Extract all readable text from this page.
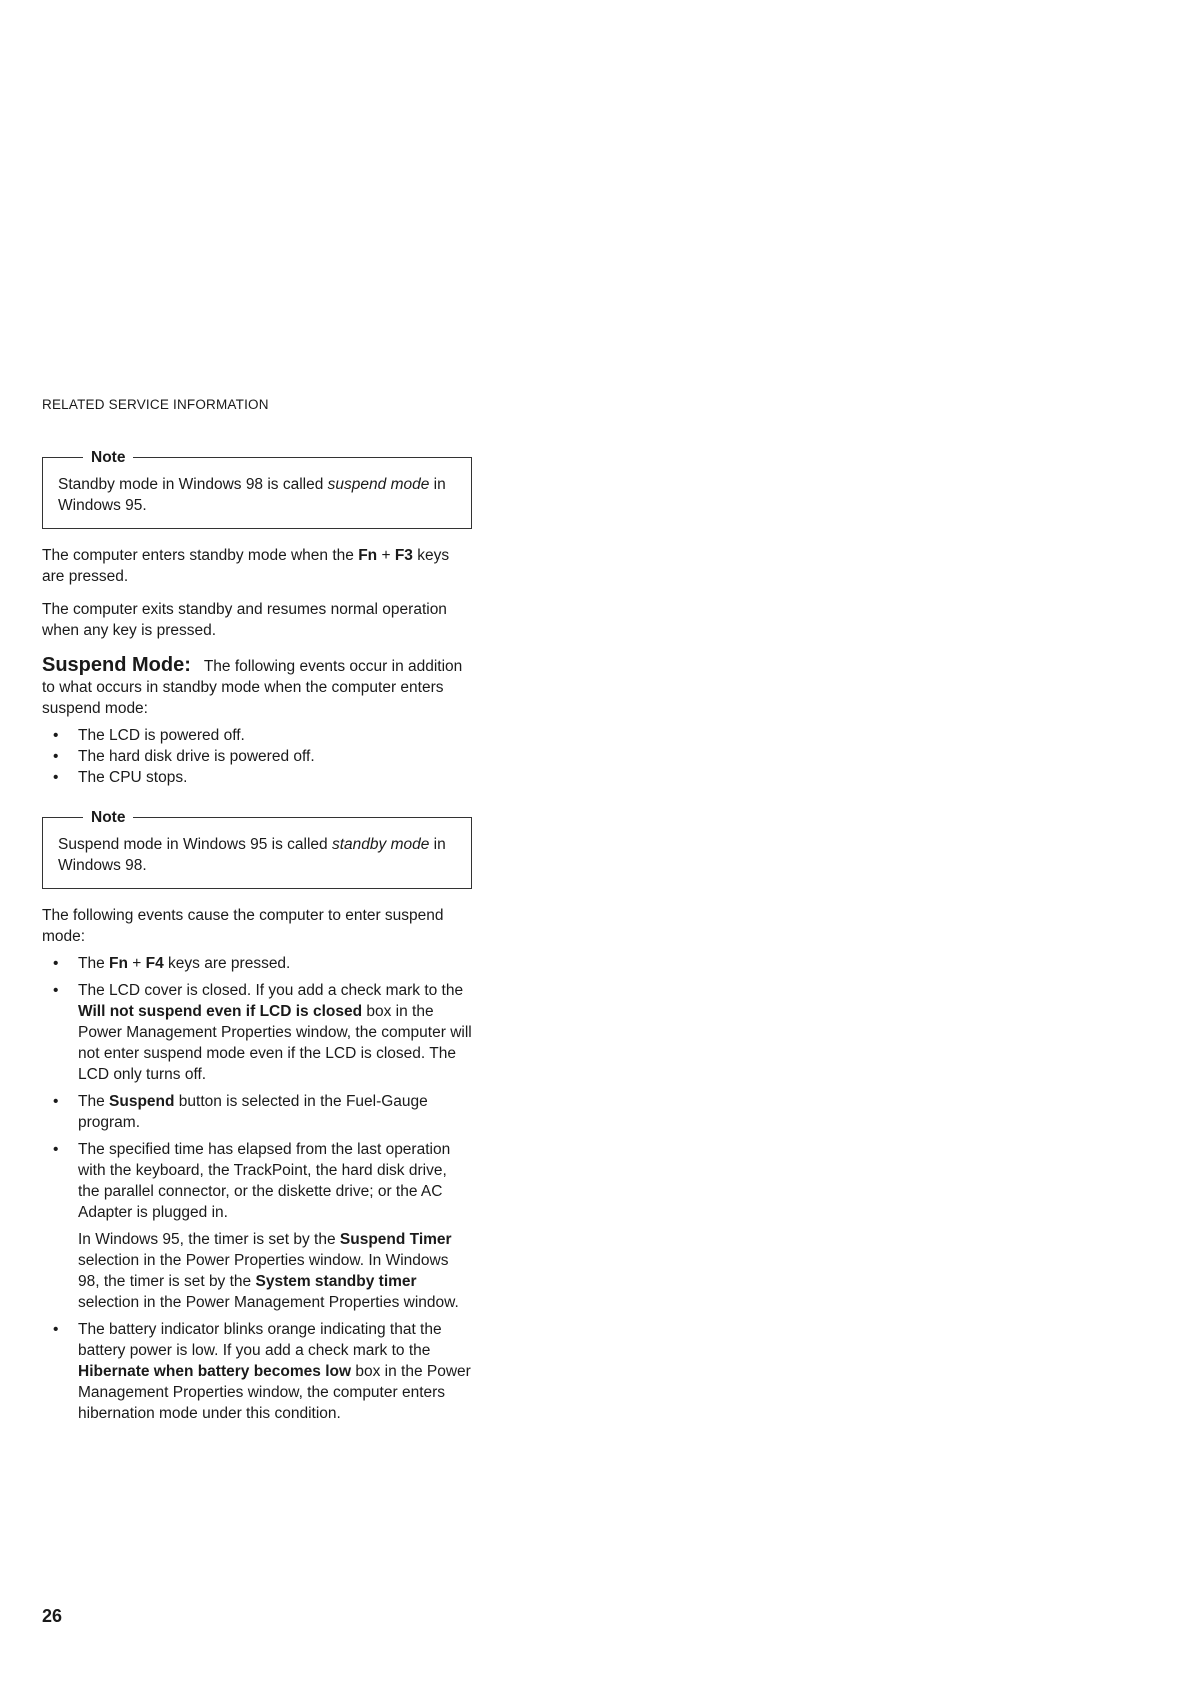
RELATED SERVICE INFORMATION
Note
Standby mode in Windows 98 is called suspend mode in Windows 95.

The computer enters standby mode when the Fn + F3 keys are pressed.

The computer exits standby and resumes normal operation when any key is pressed.

Suspend Mode: The following events occur in addition to what occurs in standby mode when the computer enters suspend mode:

• The LCD is powered off.
• The hard disk drive is powered off.
• The CPU stops.
Note
Suspend mode in Windows 95 is called standby mode in Windows 98.

The following events cause the computer to enter suspend mode:

• The Fn + F4 keys are pressed.
• The LCD cover is closed. If you add a check mark to the Will not suspend even if LCD is closed box in the Power Management Properties window, the computer will not enter suspend mode even if the LCD is closed. The LCD only turns off.
• The Suspend button is selected in the Fuel-Gauge program.
• The specified time has elapsed from the last operation with the keyboard, the TrackPoint, the hard disk drive, the parallel connector, or the diskette drive; or the AC Adapter is plugged in.

In Windows 95, the timer is set by the Suspend Timer selection in the Power Properties window. In Windows 98, the timer is set by the System standby timer selection in the Power Management Properties window.

• The battery indicator blinks orange indicating that the battery power is low. If you add a check mark to the Hibernate when battery becomes low box in the Power Management Properties window, the computer enters hibernation mode under this condition.
26
